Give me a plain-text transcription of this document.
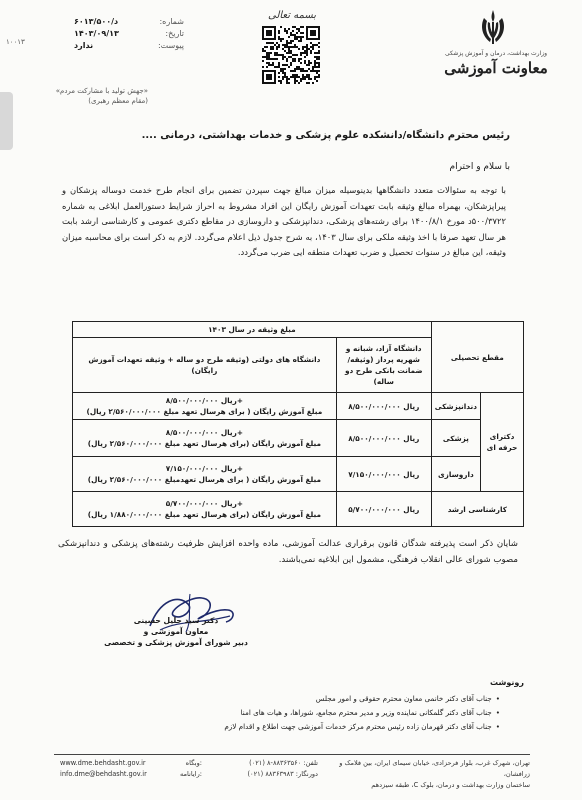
وزارت بهداشت، درمان و آموزش پزشکی
معاونت آموزشی
بسمه تعالی
۱۰۰۱۳
شماره:
۶۰۱۳/۵۰۰/د
تاریخ:
۱۴۰۳/۰۹/۱۳
پیوست:
ندارد
«جهش تولید با مشارکت مردم»
(مقام معظم رهبری)
رئیس محترم دانشگاه/دانشکده علوم پزشکی و خدمات بهداشتی، درمانی ....
با سلام و احترام
با توجه به سئوالات متعدد دانشگاهها بدینوسیله میزان مبالغ جهت سپردن تضمین برای انجام طرح خدمت دوساله پزشکان و پیراپزشکان، بهمراه مبالغ وثیقه بابت تعهدات آموزش رایگان این افراد مشروط به احراز شرایط دستورالعمل ابلاغی به شماره ۵۰۰/۳۷۲۲د مورخ ۱۴۰۰/۸/۱ برای رشته‌های پزشکی، دندانپزشکی و داروسازی در مقاطع دکتری عمومی و کارشناسی ارشد بابت هر سال تعهد صرفا با اخذ وثیقه ملکی برای سال ۱۴۰۳، به شرح جدول ذیل اعلام می‌گردد. لازم به ذکر است برای محاسبه میزان وثیقه، این مبالغ در سنوات تحصیل و ضرب تعهدات منطقه ایی ضرب می‌گردد.
مقطع تحصیلی		مبلغ وثیقه در سال ۱۴۰۳	
		دانشگاه آزاد، شبانه و شهریه پرداز (وثیقه/ضمانت بانکی طرح دو ساله)	دانشگاه های دولتی (وثیقه طرح دو ساله + وثیقه تعهدات آموزش رایگان)
دکترای حرفه ای	دندانپزشکی	۸/۵۰۰/۰۰۰/۰۰۰ ریال	۸/۵۰۰/۰۰۰/۰۰۰ ریال+
مبلغ آموزش رایگان ( برای هرسال تعهد مبلغ ۲/۵۶۰/۰۰۰/۰۰۰ ریال)

	پزشکی	۸/۵۰۰/۰۰۰/۰۰۰ ریال	۸/۵۰۰/۰۰۰/۰۰۰ ریال+
مبلغ آموزش رایگان (برای هرسال تعهد مبلغ ۲/۵۶۰/۰۰۰/۰۰۰ ریال)

	داروسازی	۷/۱۵۰/۰۰۰/۰۰۰ ریال	۷/۱۵۰/۰۰۰/۰۰۰ ریال+
مبلغ آموزش رایگان ( برای هرسال تعهدمبلغ ۲/۵۶۰/۰۰۰/۰۰۰ ریال)

کارشناسی ارشد		۵/۷۰۰/۰۰۰/۰۰۰ ریال	۵/۷۰۰/۰۰۰/۰۰۰ ریال+
مبلغ آموزش رایگان (برای هرسال تعهد مبلغ ۱/۸۸۰/۰۰۰/۰۰۰ ریال)
شایان ذکر است پذیرفته شدگان قانون برقراری عدالت آموزشی، ماده واحده افزایش ظرفیت رشته‌های پزشکی و دندانپزشکی مصوب شورای عالی انقلاب فرهنگی، مشمول این ابلاغیه نمی‌باشند.
دکتر سید جلیل حسینی
معاون آموزشی و
دبیر شورای آموزش پزشکی و تخصصی
رونوشت
• جناب آقای دکتر خانمی معاون محترم حقوقی و امور مجلس
• جناب آقای دکتر گلمکانی نماینده وزیر و مدیر محترم مجامع، شوراها، و هیات های امنا
• جناب آقای دکتر قهرمان زاده رئیس محترم مرکز خدمات آموزشی جهت اطلاع و اقدام لازم
تهران، شهرک غرب، بلوار فرحزادی، خیابان سیمای ایران، بین فلامک و زرافشان،
ساختمان وزارت بهداشت و درمان، بلوک C، طبقه سیزدهم
تلفن: ۸۸۳۶۳۵۶۰-۸ (۰۲۱)
دورنگار: ۸۸۳۶۳۹۸۳ (۰۲۱)
www.dme.behdasht.gov.ir	وبگاه:
info.dme@behdasht.gov.ir	رایانامه:
